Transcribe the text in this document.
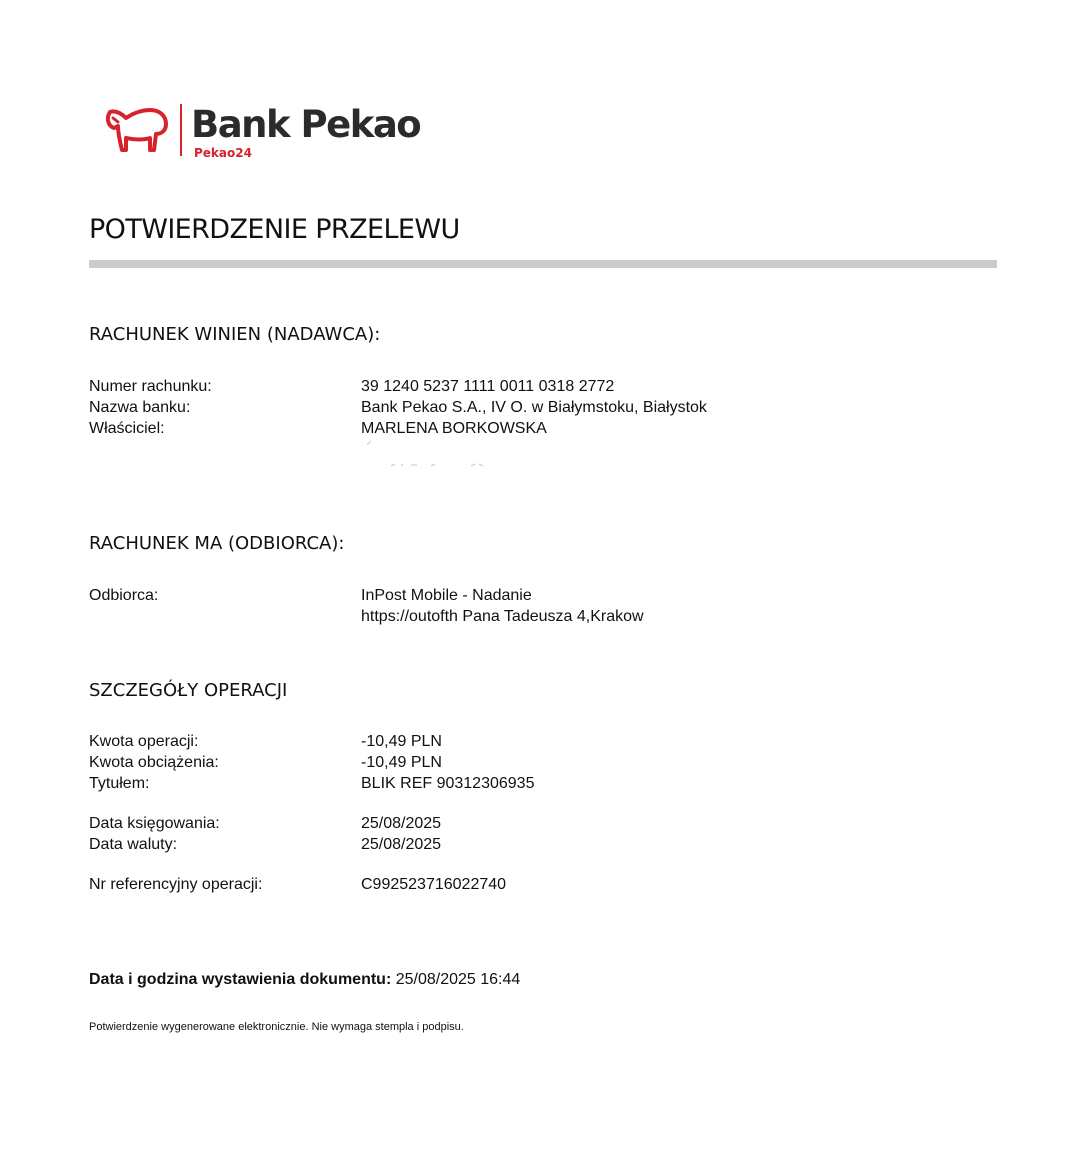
Bank Pekao
Pekao24
POTWIERDZENIE PRZELEWU
RACHUNEK WINIEN (NADAWCA):
Numer rachunku:	39 1240 5237 1111 0011 0318 2772
Nazwa banku:	Bank Pekao S.A., IV O. w Białymstoku, Białystok
Właściciel:	MARLENA BORKOWSKA
RACHUNEK MA (ODBIORCA):
Odbiorca:	InPost Mobile - Nadanie
https://outofth Pana Tadeusza 4,Krakow
SZCZEGÓŁY OPERACJI
Kwota operacji:	-10,49 PLN
Kwota obciążenia:	-10,49 PLN
Tytułem:	BLIK REF 90312306935
Data księgowania:	25/08/2025
Data waluty:	25/08/2025
Nr referencyjny operacji:	C992523716022740
Data i godzina wystawienia dokumentu: 25/08/2025 16:44
Potwierdzenie wygenerowane elektronicznie. Nie wymaga stempla i podpisu.
